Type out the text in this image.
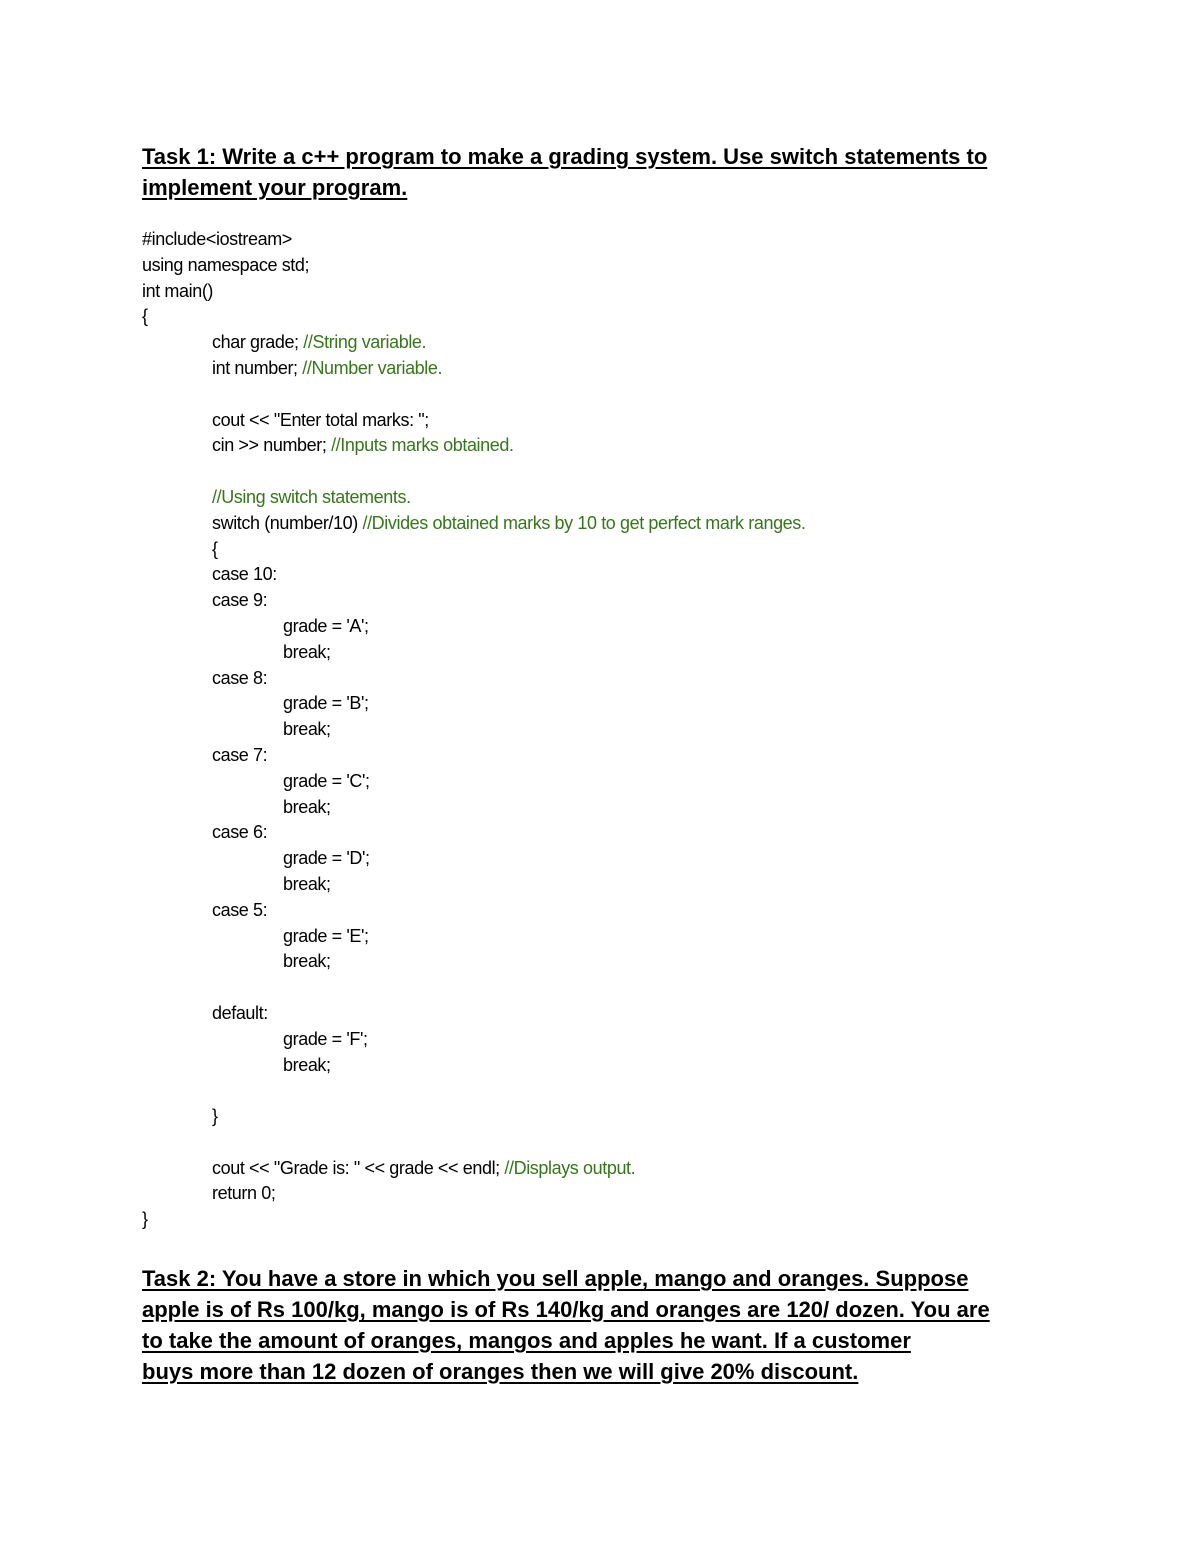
Task 1: Write a c++ program to make a grading system. Use switch statements to
implement your program.
#include<iostream>
using namespace std;
int main()
{
char grade; //String variable.
int number; //Number variable.
cout << "Enter total marks: ";
cin >> number; //Inputs marks obtained.
//Using switch statements.
switch (number/10) //Divides obtained marks by 10 to get perfect mark ranges.
{
case 10:
case 9:
grade = 'A';
break;
case 8:
grade = 'B';
break;
case 7:
grade = 'C';
break;
case 6:
grade = 'D';
break;
case 5:
grade = 'E';
break;
default:
grade = 'F';
break;
}
cout << "Grade is: " << grade << endl; //Displays output.
return 0;
}
Task 2: You have a store in which you sell apple, mango and oranges. Suppose
apple is of Rs 100/kg, mango is of Rs 140/kg and oranges are 120/ dozen. You are
to take the amount of oranges, mangos and apples he want. If a customer
buys more than 12 dozen of oranges then we will give 20% discount.
